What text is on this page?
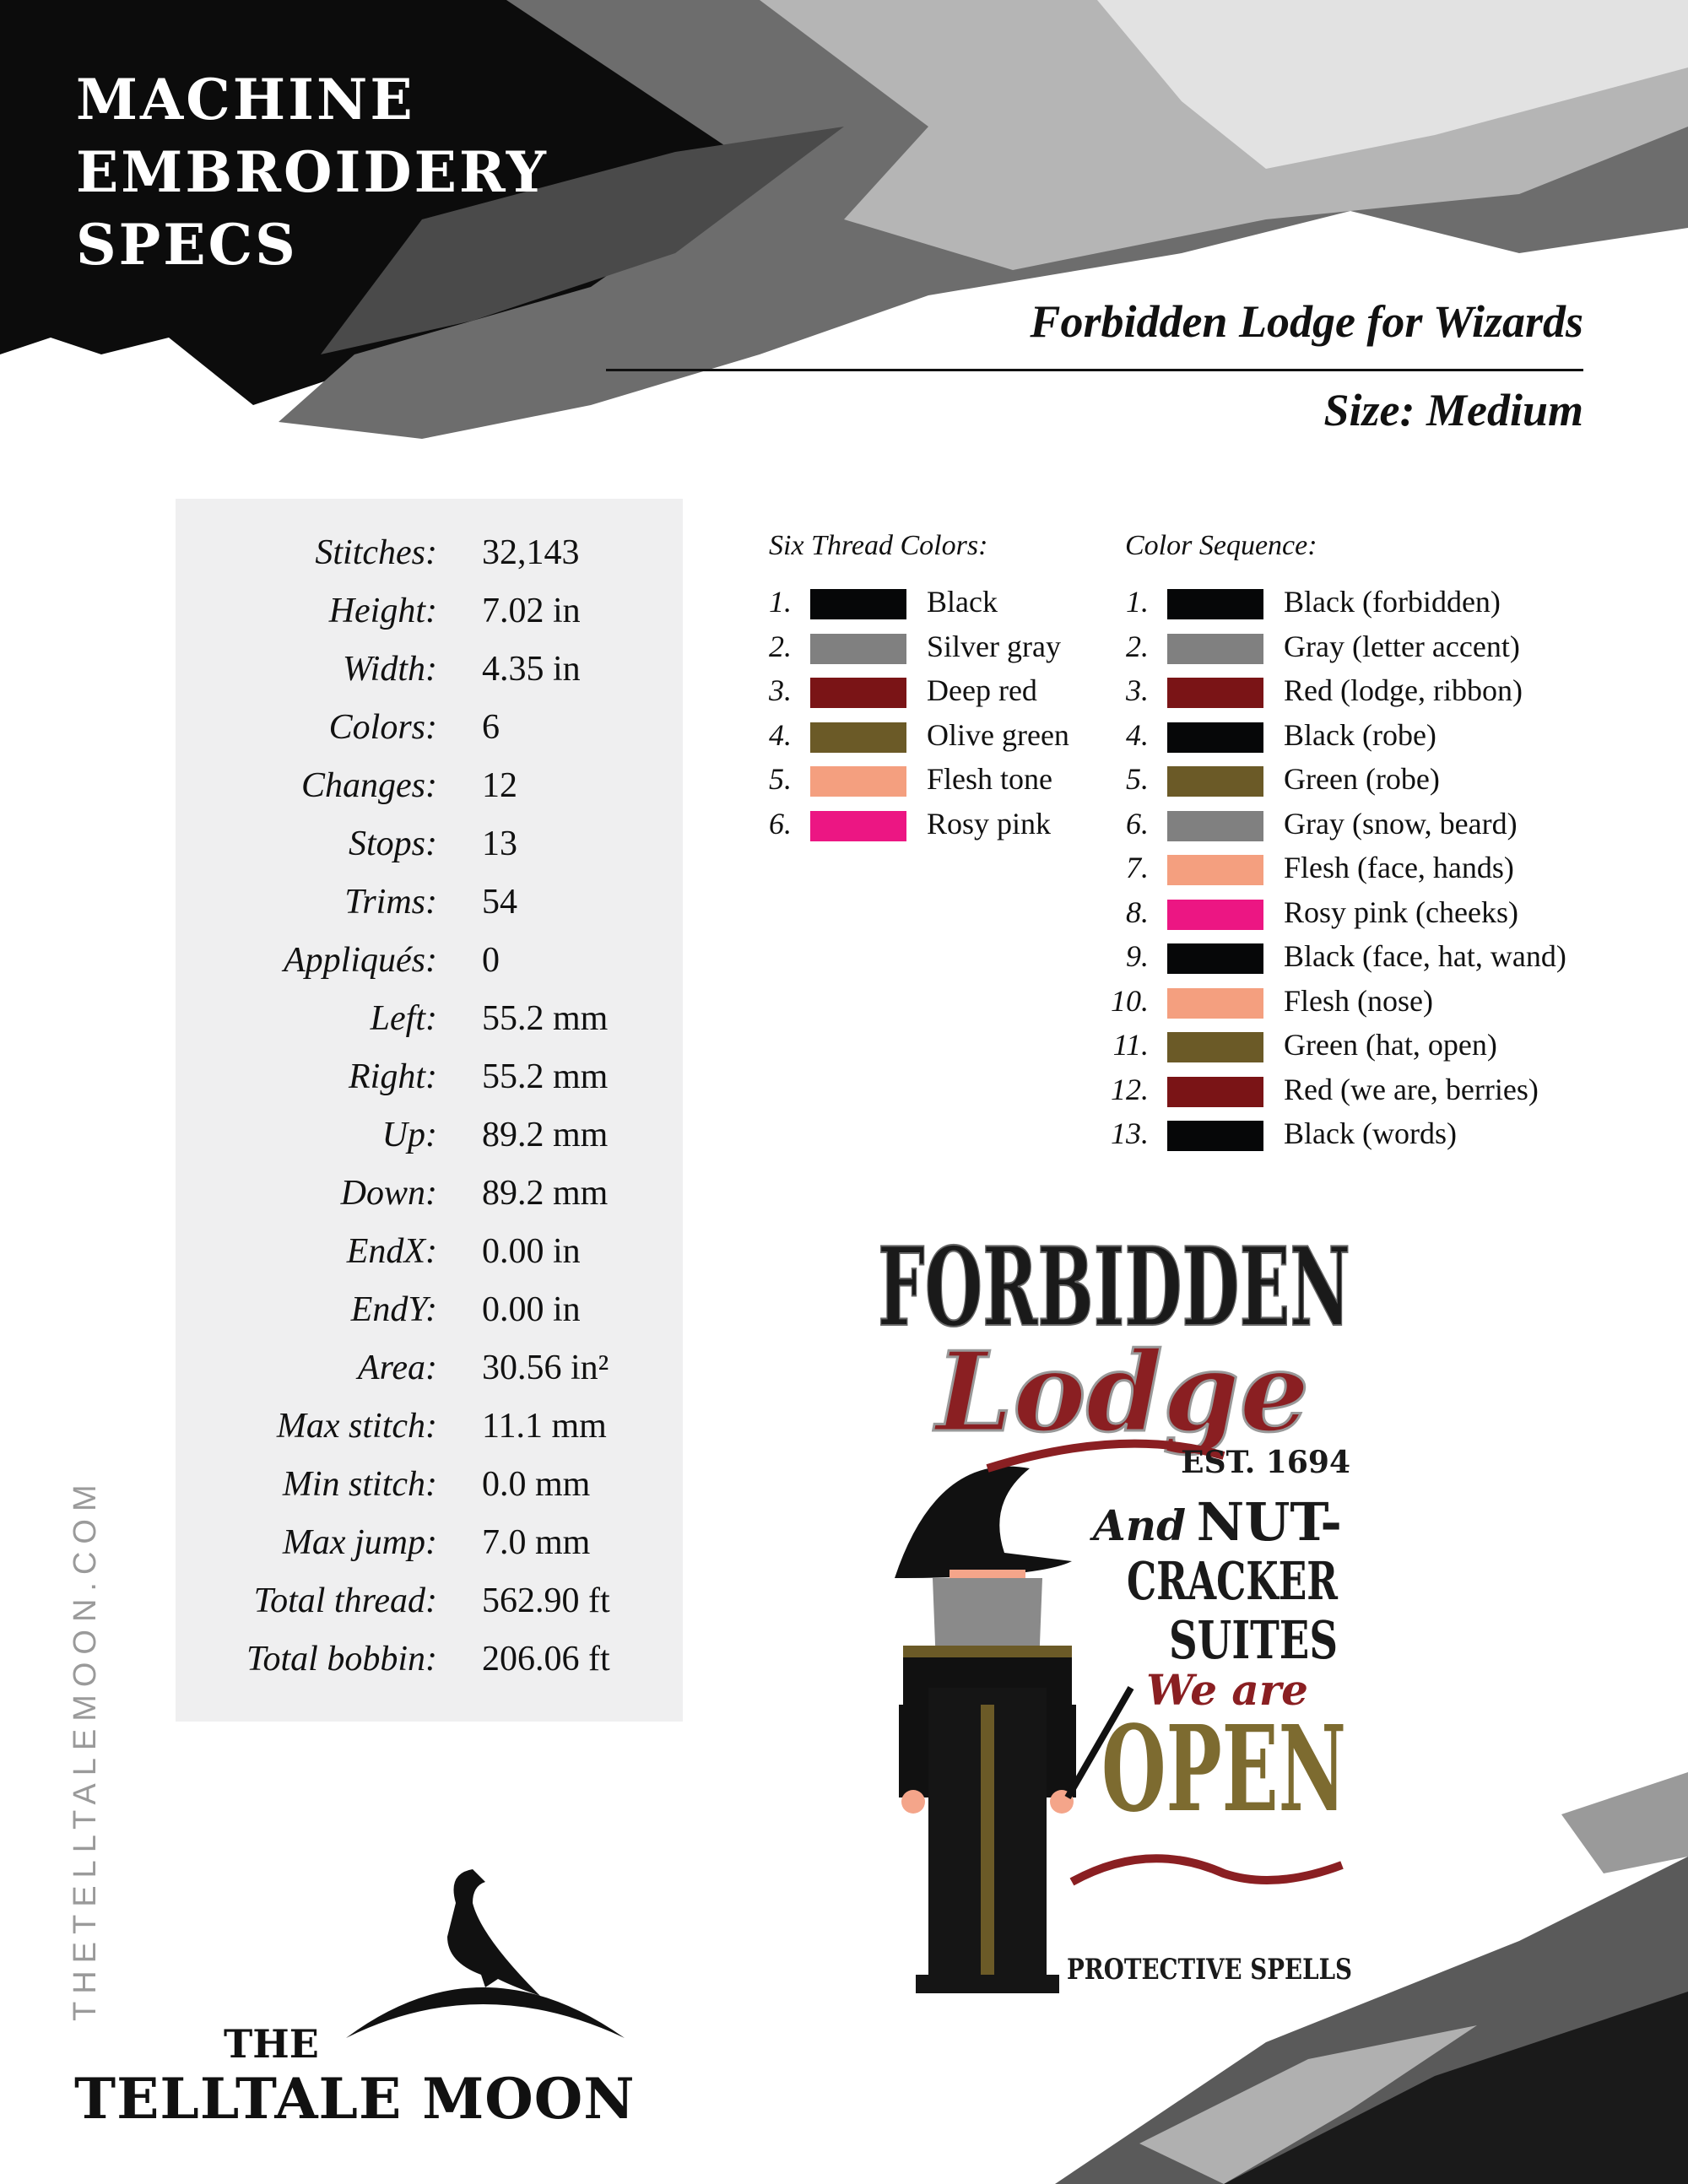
MACHINE
EMBROIDERY
SPECS
Forbidden Lodge for Wizards
Size: Medium
Stitches: 32,143
Height: 7.02 in
Width: 4.35 in
Colors: 6
Changes: 12
Stops: 13
Trims: 54
Appliqués: 0
Left: 55.2 mm
Right: 55.2 mm
Up: 89.2 mm
Down: 89.2 mm
EndX: 0.00 in
EndY: 0.00 in
Area: 30.56 in²
Max stitch: 11.1 mm
Min stitch: 0.0 mm
Max jump: 7.0 mm
Total thread: 562.90 ft
Total bobbin: 206.06 ft
Six Thread Colors:
1.	Black
2.	Silver gray
3.	Deep red
4.	Olive green
5.	Flesh tone
6.	Rosy pink
Color Sequence:
1.	Black (forbidden)
2.	Gray (letter accent)
3.	Red (lodge, ribbon)
4.	Black (robe)
5.	Green (robe)
6.	Gray (snow, beard)
7.	Flesh (face, hands)
8.	Rosy pink (cheeks)
9.	Black (face, hat, wand)
10.	Flesh (nose)
11.	Green (hat, open)
12.	Red (we are, berries)
13.	Black (words)
FORBIDDEN
Lodge
EST. 1694
And NUT-
CRACKER
SUITES
We are
OPEN
PROTECTIVE SPELLS
THETELLTALEMOON.COM
THE
TELLTALE MOON
